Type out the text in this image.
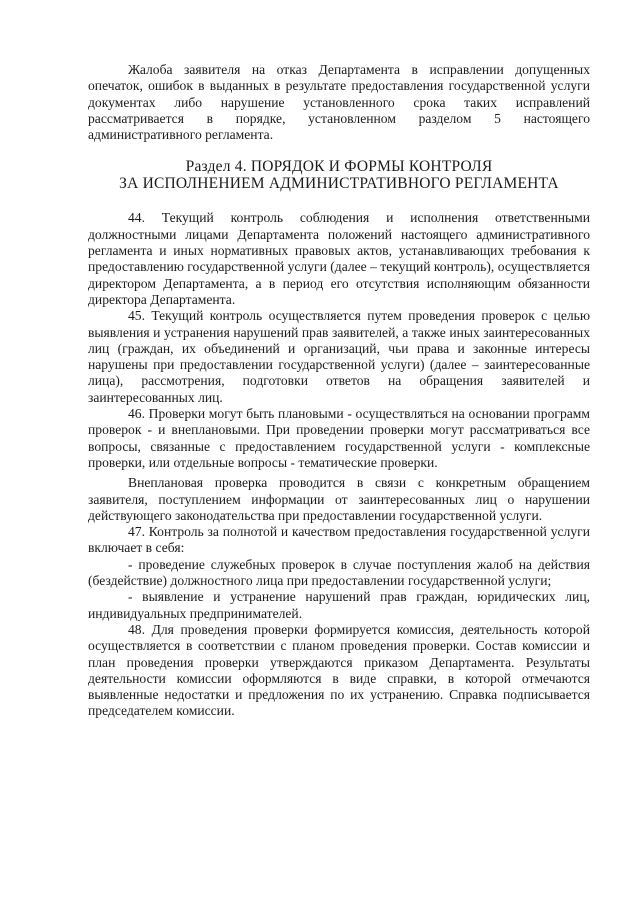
Жалоба заявителя на отказ Департамента в исправлении допущенных опечаток, ошибок в выданных в результате предоставления государственной услуги документах либо нарушение установленного срока таких исправлений рассматривается в порядке, установленном разделом 5 настоящего административного регламента.

Раздел 4. ПОРЯДОК И ФОРМЫ КОНТРОЛЯ

ЗА ИСПОЛНЕНИЕМ АДМИНИСТРАТИВНОГО РЕГЛАМЕНТА

44. Текущий контроль соблюдения и исполнения ответственными должностными лицами Департамента положений настоящего административного регламента и иных нормативных правовых актов, устанавливающих требования к предоставлению государственной услуги (далее – текущий контроль), осуществляется директором Департамента, а в период его отсутствия исполняющим обязанности директора Департамента.

45. Текущий контроль осуществляется путем проведения проверок с целью выявления и устранения нарушений прав заявителей, а также иных заинтересованных лиц (граждан, их объединений и организаций, чьи права и законные интересы нарушены при предоставлении государственной услуги) (далее – заинтересованные лица), рассмотрения, подготовки ответов на обращения заявителей и заинтересованных лиц.

46. Проверки могут быть плановыми - осуществляться на основании программ проверок - и внеплановыми. При проведении проверки могут рассматриваться все вопросы, связанные с предоставлением государственной услуги - комплексные проверки, или отдельные вопросы - тематические проверки.

Внеплановая проверка проводится в связи с конкретным обращением заявителя, поступлением информации от заинтересованных лиц о нарушении действующего законодательства при предоставлении государственной услуги.

47. Контроль за полнотой и качеством предоставления государственной услуги включает в себя:

- проведение служебных проверок в случае поступления жалоб на действия (бездействие) должностного лица при предоставлении государственной услуги;

- выявление и устранение нарушений прав граждан, юридических лиц, индивидуальных предпринимателей.

48. Для проведения проверки формируется комиссия, деятельность которой осуществляется в соответствии с планом проведения проверки. Состав комиссии и план проведения проверки утверждаются приказом Департамента. Результаты деятельности комиссии оформляются в виде справки, в которой отмечаются выявленные недостатки и предложения по их устранению. Справка подписывается председателем комиссии.
